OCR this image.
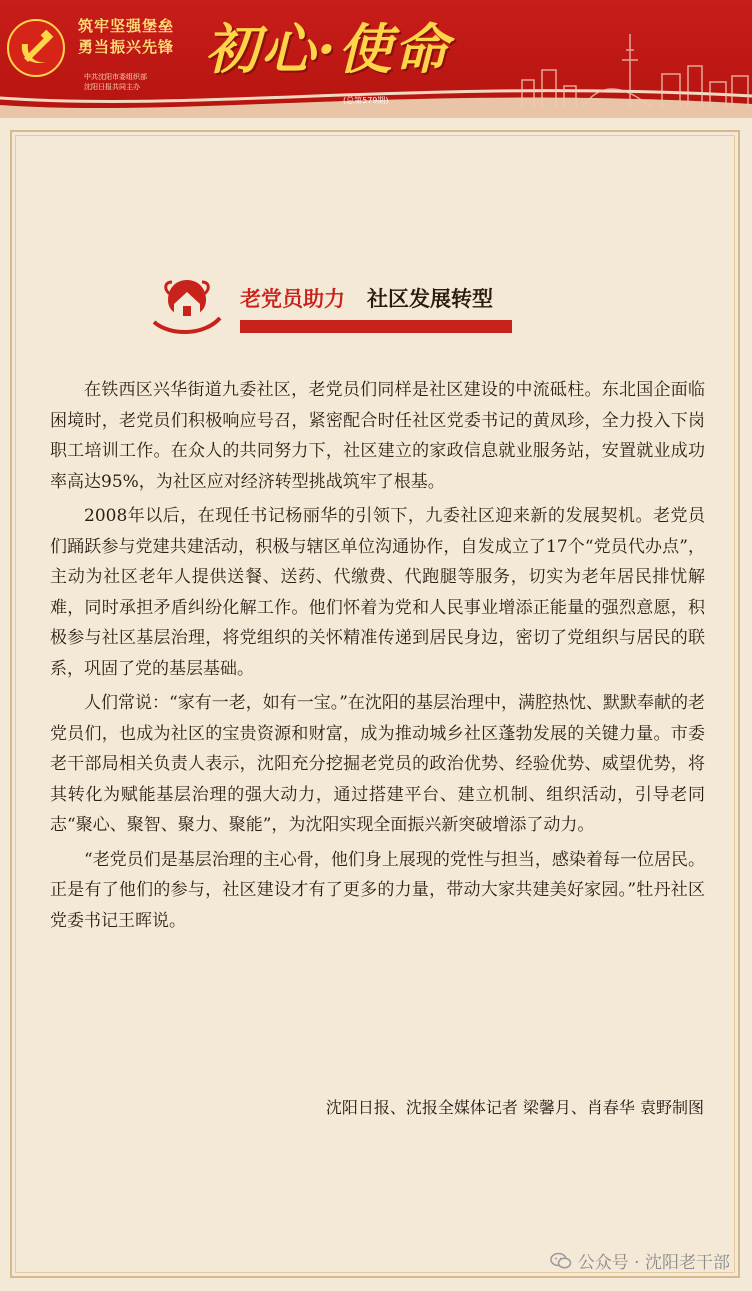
筑牢坚强堡垒
勇当振兴先锋
中共沈阳市委组织部
沈阳日报共同主办
初心·使命
(总第579期)
老党员助力 社区发展转型

在铁西区兴华街道九委社区，老党员们同样是社区建设的中流砥柱。东北国企面临困境时，老党员们积极响应号召，紧密配合时任社区党委书记的黄凤珍，全力投入下岗职工培训工作。在众人的共同努力下，社区建立的家政信息就业服务站，安置就业成功率高达95%，为社区应对经济转型挑战筑牢了根基。

2008年以后，在现任书记杨丽华的引领下，九委社区迎来新的发展契机。老党员们踊跃参与党建共建活动，积极与辖区单位沟通协作，自发成立了17个“党员代办点”，主动为社区老年人提供送餐、送药、代缴费、代跑腿等服务，切实为老年居民排忧解难，同时承担矛盾纠纷化解工作。他们怀着为党和人民事业增添正能量的强烈意愿，积极参与社区基层治理，将党组织的关怀精准传递到居民身边，密切了党组织与居民的联系，巩固了党的基层基础。

人们常说：“家有一老，如有一宝。”在沈阳的基层治理中，满腔热忱、默默奉献的老党员们，也成为社区的宝贵资源和财富，成为推动城乡社区蓬勃发展的关键力量。市委老干部局相关负责人表示，沈阳充分挖掘老党员的政治优势、经验优势、威望优势，将其转化为赋能基层治理的强大动力，通过搭建平台、建立机制、组织活动，引导老同志“聚心、聚智、聚力、聚能”，为沈阳实现全面振兴新突破增添了动力。

“老党员们是基层治理的主心骨，他们身上展现的党性与担当，感染着每一位居民。正是有了他们的参与，社区建设才有了更多的力量，带动大家共建美好家园。”牡丹社区党委书记王晖说。

沈阳日报、沈报全媒体记者 梁馨月、肖春华 袁野制图
公众号 · 沈阳老干部
